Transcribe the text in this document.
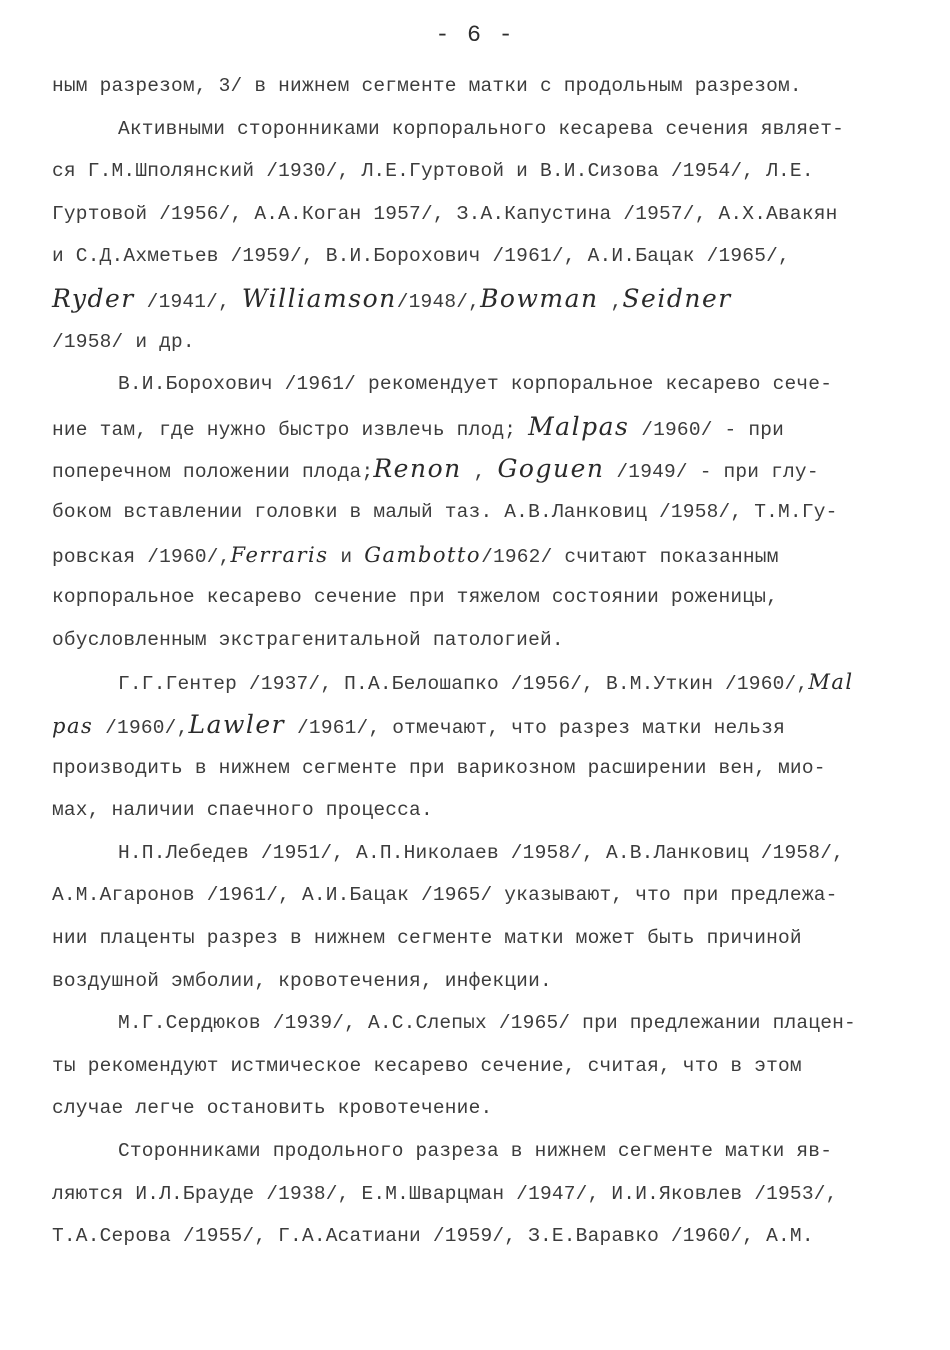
- 6 -
ным разрезом, 3/ в нижнем сегменте матки с продольным разрезом.
Активными сторонниками корпорального кесарева сечения являет-
ся Г.М.Шполянский /1930/, Л.Е.Гуртовой и В.И.Сизова /1954/, Л.Е.
Гуртовой /1956/, А.А.Коган 1957/, З.А.Капустина /1957/, А.Х.Авакян
и С.Д.Ахметьев /1959/, В.И.Борохович /1961/, А.И.Бацак /1965/,
Ryder /1941/, Williamson/1948/,Bowman ,Seidner
/1958/ и др.
В.И.Борохович /1961/ рекомендует корпоральное кесарево сече-
ние там, где нужно быстро извлечь плод; Malpas /1960/ - при
поперечном положении плода;Renon , Goguen /1949/ - при глу-
боком вставлении головки в малый таз. А.В.Ланковиц /1958/, Т.М.Гу-
ровская /1960/,Ferraris и Gambotto/1962/ считают показанным
корпоральное кесарево сечение при тяжелом состоянии роженицы,
обусловленным экстрагенитальной патологией.
Г.Г.Гентер /1937/, П.А.Белошапко /1956/, В.М.Уткин /1960/,Mal
pas /1960/,Lawler /1961/, отмечают, что разрез матки нельзя
производить в нижнем сегменте при варикозном расширении вен, мио-
мах, наличии спаечного процесса.
Н.П.Лебедев /1951/, А.П.Николаев /1958/, А.В.Ланковиц /1958/,
А.М.Агаронов /1961/, А.И.Бацак /1965/ указывают, что при предлежа-
нии плаценты разрез в нижнем сегменте матки может быть причиной
воздушной эмболии, кровотечения, инфекции.
М.Г.Сердюков /1939/, А.С.Слепых /1965/ при предлежании плацен-
ты рекомендуют истмическое кесарево сечение, считая, что в этом
случае легче остановить кровотечение.
Сторонниками продольного разреза в нижнем сегменте матки яв-
ляются И.Л.Брауде /1938/, Е.М.Шварцман /1947/, И.И.Яковлев /1953/,
Т.А.Серова /1955/, Г.А.Асатиани /1959/, З.Е.Варавко /1960/, А.М.
